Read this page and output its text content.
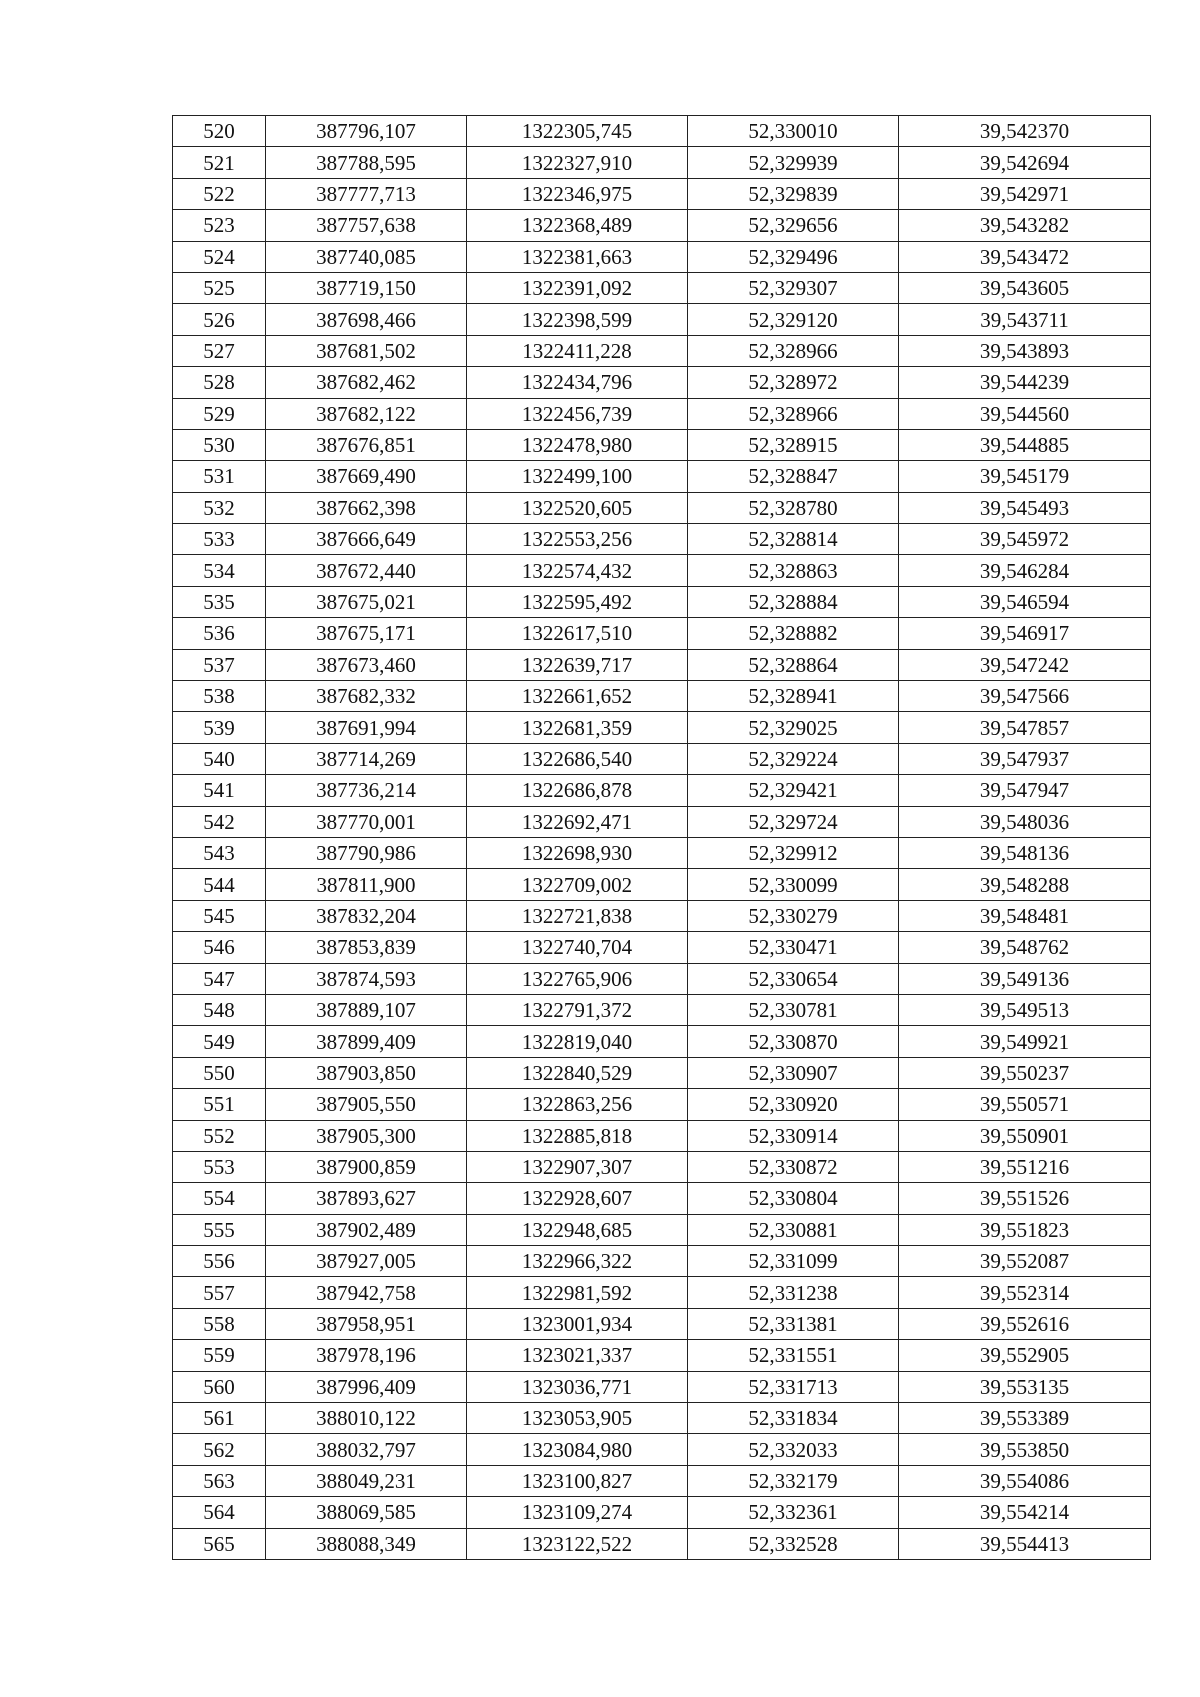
520	387796,107	1322305,745	52,330010	39,542370
521	387788,595	1322327,910	52,329939	39,542694
522	387777,713	1322346,975	52,329839	39,542971
523	387757,638	1322368,489	52,329656	39,543282
524	387740,085	1322381,663	52,329496	39,543472
525	387719,150	1322391,092	52,329307	39,543605
526	387698,466	1322398,599	52,329120	39,543711
527	387681,502	1322411,228	52,328966	39,543893
528	387682,462	1322434,796	52,328972	39,544239
529	387682,122	1322456,739	52,328966	39,544560
530	387676,851	1322478,980	52,328915	39,544885
531	387669,490	1322499,100	52,328847	39,545179
532	387662,398	1322520,605	52,328780	39,545493
533	387666,649	1322553,256	52,328814	39,545972
534	387672,440	1322574,432	52,328863	39,546284
535	387675,021	1322595,492	52,328884	39,546594
536	387675,171	1322617,510	52,328882	39,546917
537	387673,460	1322639,717	52,328864	39,547242
538	387682,332	1322661,652	52,328941	39,547566
539	387691,994	1322681,359	52,329025	39,547857
540	387714,269	1322686,540	52,329224	39,547937
541	387736,214	1322686,878	52,329421	39,547947
542	387770,001	1322692,471	52,329724	39,548036
543	387790,986	1322698,930	52,329912	39,548136
544	387811,900	1322709,002	52,330099	39,548288
545	387832,204	1322721,838	52,330279	39,548481
546	387853,839	1322740,704	52,330471	39,548762
547	387874,593	1322765,906	52,330654	39,549136
548	387889,107	1322791,372	52,330781	39,549513
549	387899,409	1322819,040	52,330870	39,549921
550	387903,850	1322840,529	52,330907	39,550237
551	387905,550	1322863,256	52,330920	39,550571
552	387905,300	1322885,818	52,330914	39,550901
553	387900,859	1322907,307	52,330872	39,551216
554	387893,627	1322928,607	52,330804	39,551526
555	387902,489	1322948,685	52,330881	39,551823
556	387927,005	1322966,322	52,331099	39,552087
557	387942,758	1322981,592	52,331238	39,552314
558	387958,951	1323001,934	52,331381	39,552616
559	387978,196	1323021,337	52,331551	39,552905
560	387996,409	1323036,771	52,331713	39,553135
561	388010,122	1323053,905	52,331834	39,553389
562	388032,797	1323084,980	52,332033	39,553850
563	388049,231	1323100,827	52,332179	39,554086
564	388069,585	1323109,274	52,332361	39,554214
565	388088,349	1323122,522	52,332528	39,554413
